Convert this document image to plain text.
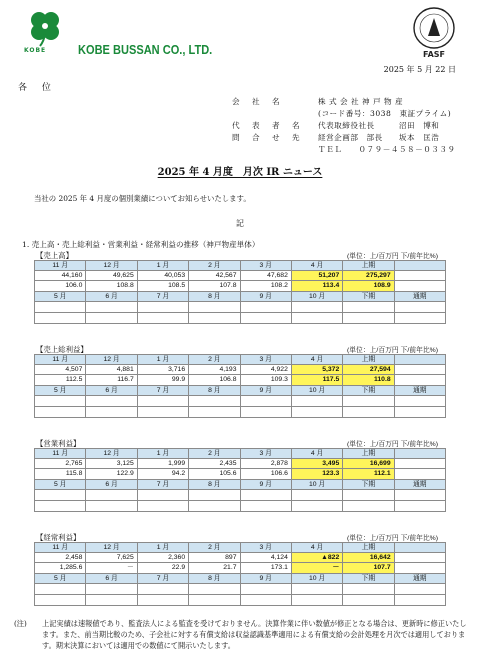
KOBE KOBE BUSSAN CO., LTD.	FASF
2025 年 5 月 22 日
各 位
会 社 名	株 式 会 社 神 戸 物 産
(コード番号：3038　東証プライム)
代 表 者 名	代表取締役社長　　　沼田　博和
問 合 せ 先	経営企画部　部長　　坂本　匡浩
ＴＥＬ　　０７９－４５８－０３３９
2025 年 4 月度　月次 IR ニュース
当社の 2025 年 4 月度の個別業績についてお知らせいたします。
記
1. 売上高・売上総利益・営業利益・経常利益の推移（神戸物産単体）
【売上高】	(単位：上/百万円 下/前年比%)
11 月	12 月	1 月	2 月	3 月	4 月	上期	
44,160	49,625	40,053	42,567	47,682	51,207	275,297	
106.0	108.8	108.5	107.8	108.2	113.4	108.9	
5 月	6 月	7 月	8 月	9 月	10 月	下期	通期

【売上総利益】	(単位：上/百万円 下/前年比%)
11 月	12 月	1 月	2 月	3 月	4 月	上期	
4,507	4,881	3,716	4,193	4,922	5,372	27,594	
112.5	116.7	99.9	106.8	109.3	117.5	110.8	
5 月	6 月	7 月	8 月	9 月	10 月	下期	通期

【営業利益】	(単位：上/百万円 下/前年比%)
11 月	12 月	1 月	2 月	3 月	4 月	上期	
2,765	3,125	1,999	2,435	2,878	3,495	16,699	
115.8	122.9	94.2	105.6	106.6	123.3	112.1	
5 月	6 月	7 月	8 月	9 月	10 月	下期	通期

【経常利益】	(単位：上/百万円 下/前年比%)
11 月	12 月	1 月	2 月	3 月	4 月	上期	
2,458	7,625	2,360	897	4,124	▲822	16,642	
1,285.6	－	22.9	21.7	173.1	－	107.7	
5 月	6 月	7 月	8 月	9 月	10 月	下期	通期

(注) 上記実績は速報値であり、監査法人による監査を受けておりません。決算作業に伴い数値が修正となる場合は、更新時に修正いたします。また、前当期比較のため、子会社に対する有償支給は収益認識基準適用による有償支給の会計処理を月次では適用しております。期末決算においては適用での数値にて開示いたします。
